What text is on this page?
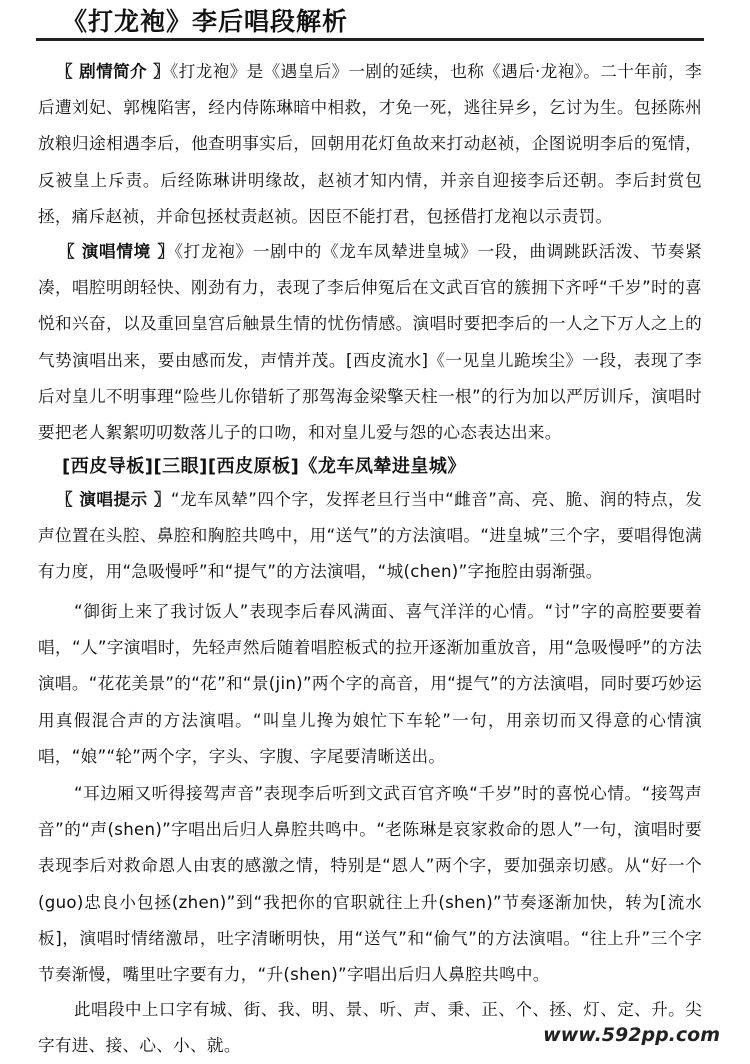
《打龙袍》李后唱段解析

〖 剧情简介 〗《打龙袍》是《遇皇后》一剧的延续，也称《遇后·龙袍》。二十年前，李后遭刘妃、郭槐陷害，经内侍陈琳暗中相救，才免一死，逃往异乡，乞讨为生。包拯陈州放粮归途相遇李后，他查明事实后，回朝用花灯鱼故来打动赵祯，企图说明李后的冤情，反被皇上斥责。后经陈琳讲明缘故，赵祯才知内情，并亲自迎接李后还朝。李后封赏包拯，痛斥赵祯，并命包拯杖责赵祯。因臣不能打君，包拯借打龙袍以示责罚。

〖 演唱情境 〗《打龙袍》一剧中的《龙车凤辇进皇城》一段，曲调跳跃活泼、节奏紧凑，唱腔明朗轻快、刚劲有力，表现了李后伸冤后在文武百官的簇拥下齐呼“千岁”时的喜悦和兴奋，以及重回皇宫后触景生情的忧伤情感。演唱时要把李后的一人之下万人之上的气势演唱出来，要由感而发，声情并茂。[西皮流水]《一见皇儿跪埃尘》一段，表现了李后对皇儿不明事理“险些儿你错斩了那驾海金梁擎天柱一根”的行为加以严厉训斥，演唱时要把老人絮絮叨叨数落儿子的口吻，和对皇儿爱与怨的心态表达出来。

[西皮导板][三眼][西皮原板]《龙车凤辇进皇城》

〖 演唱提示 〗“龙车凤辇”四个字，发挥老旦行当中“雌音”高、亮、脆、润的特点，发声位置在头腔、鼻腔和胸腔共鸣中，用“送气”的方法演唱。“进皇城”三个字，要唱得饱满有力度，用“急吸慢呼”和“提气”的方法演唱，“城(chen)”字拖腔由弱渐强。

“御街上来了我讨饭人”表现李后春风满面、喜气洋洋的心情。“讨”字的高腔要要着唱，“人”字演唱时，先轻声然后随着唱腔板式的拉开逐渐加重放音，用“急吸慢呼”的方法演唱。“花花美景”的“花”和“景(jin)”两个字的高音，用“提气”的方法演唱，同时要巧妙运用真假混合声的方法演唱。“叫皇儿搀为娘忙下车轮”一句，用亲切而又得意的心情演唱，“娘”“轮”两个字，字头、字腹、字尾要清晰送出。

“耳边厢又听得接驾声音”表现李后听到文武百官齐唤“千岁”时的喜悦心情。“接驾声音”的“声(shen)”字唱出后归人鼻腔共鸣中。“老陈琳是哀家救命的恩人”一句，演唱时要表现李后对救命恩人由衷的感激之情，特别是“恩人”两个字，要加强亲切感。从“好一个(guo)忠良小包拯(zhen)”到“我把你的官职就往上升(shen)”节奏逐渐加快，转为[流水板]，演唱时情绪激昂，吐字清晰明快，用“送气”和“偷气”的方法演唱。“往上升”三个字节奏渐慢，嘴里吐字要有力，“升(shen)”字唱出后归人鼻腔共鸣中。

此唱段中上口字有城、街、我、明、景、听、声、秉、正、个、拯、灯、定、升。尖字有进、接、心、小、就。	www.592pp.com
